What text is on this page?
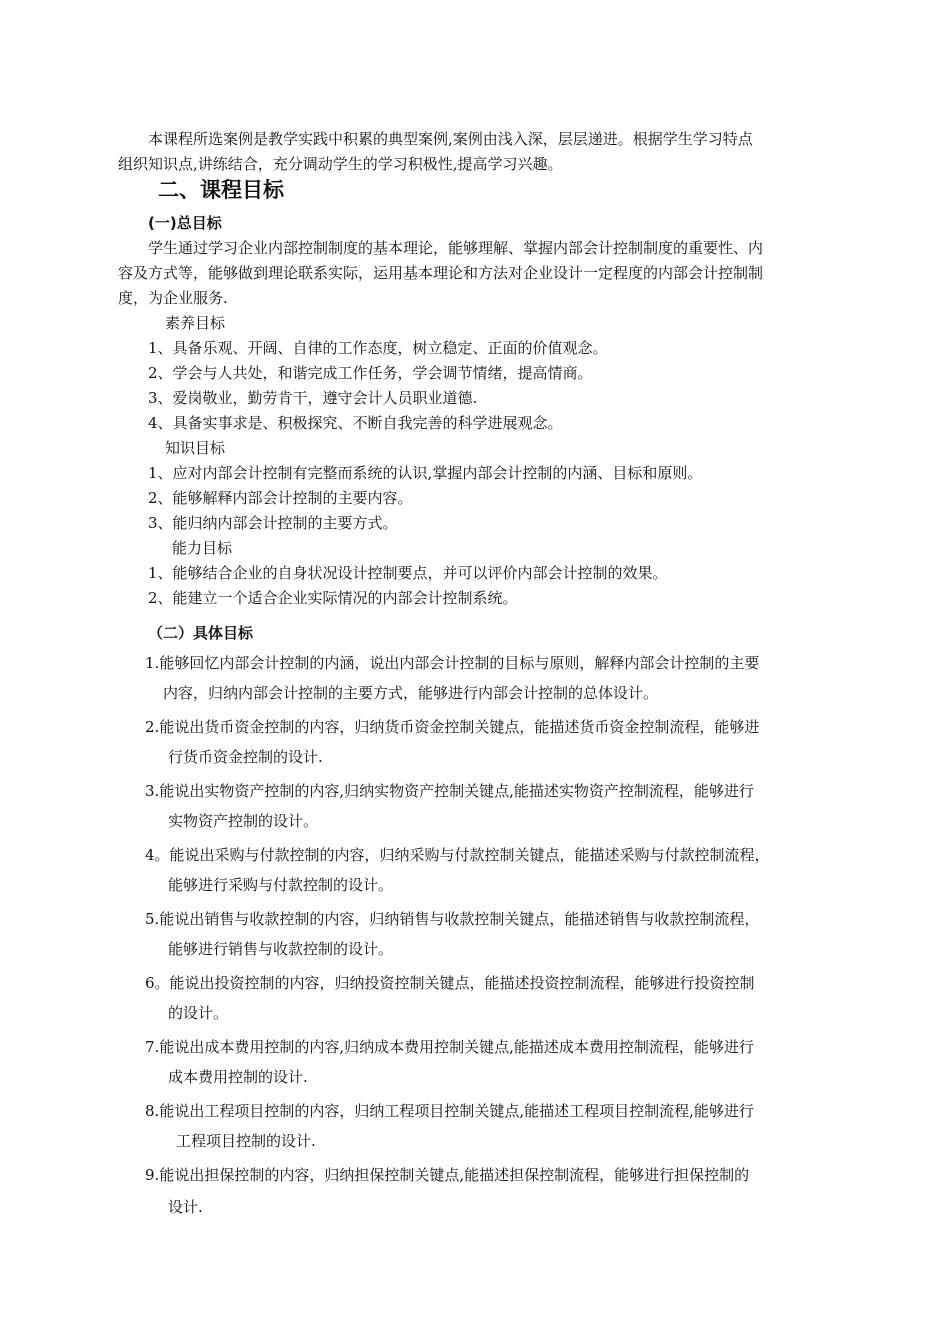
本课程所选案例是教学实践中积累的典型案例,案例由浅入深，层层递进。根据学生学习特点
组织知识点,讲练结合，充分调动学生的学习积极性,提高学习兴趣。
二、课程目标
(一)总目标
学生通过学习企业内部控制制度的基本理论，能够理解、掌握内部会计控制制度的重要性、内
容及方式等，能够做到理论联系实际，运用基本理论和方法对企业设计一定程度的内部会计控制制
度，为企业服务.
素养目标
1、具备乐观、开阔、自律的工作态度，树立稳定、正面的价值观念。
2、学会与人共处，和谐完成工作任务，学会调节情绪，提高情商。
3、爱岗敬业，勤劳肯干，遵守会计人员职业道德.
4、具备实事求是、积极探究、不断自我完善的科学进展观念。
知识目标
1、应对内部会计控制有完整而系统的认识,掌握内部会计控制的内涵、目标和原则。
2、能够解释内部会计控制的主要内容。
3、能归纳内部会计控制的主要方式。
能力目标
1、能够结合企业的自身状况设计控制要点，并可以评价内部会计控制的效果。
2、能建立一个适合企业实际情况的内部会计控制系统。
（二）具体目标
1.能够回忆内部会计控制的内涵，说出内部会计控制的目标与原则，解释内部会计控制的主要
内容，归纳内部会计控制的主要方式，能够进行内部会计控制的总体设计。
2.能说出货币资金控制的内容，归纳货币资金控制关键点，能描述货币资金控制流程，能够进
行货币资金控制的设计.
3.能说出实物资产控制的内容,归纳实物资产控制关键点,能描述实物资产控制流程，能够进行
实物资产控制的设计。
4。能说出采购与付款控制的内容，归纳采购与付款控制关键点，能描述采购与付款控制流程，
能够进行采购与付款控制的设计。
5.能说出销售与收款控制的内容，归纳销售与收款控制关键点，能描述销售与收款控制流程，
能够进行销售与收款控制的设计。
6。能说出投资控制的内容，归纳投资控制关键点，能描述投资控制流程，能够进行投资控制
的设计。
7.能说出成本费用控制的内容,归纳成本费用控制关键点,能描述成本费用控制流程，能够进行
成本费用控制的设计.
8.能说出工程项目控制的内容，归纳工程项目控制关键点,能描述工程项目控制流程,能够进行
工程项目控制的设计.
9.能说出担保控制的内容，归纳担保控制关键点,能描述担保控制流程，能够进行担保控制的
设计.
